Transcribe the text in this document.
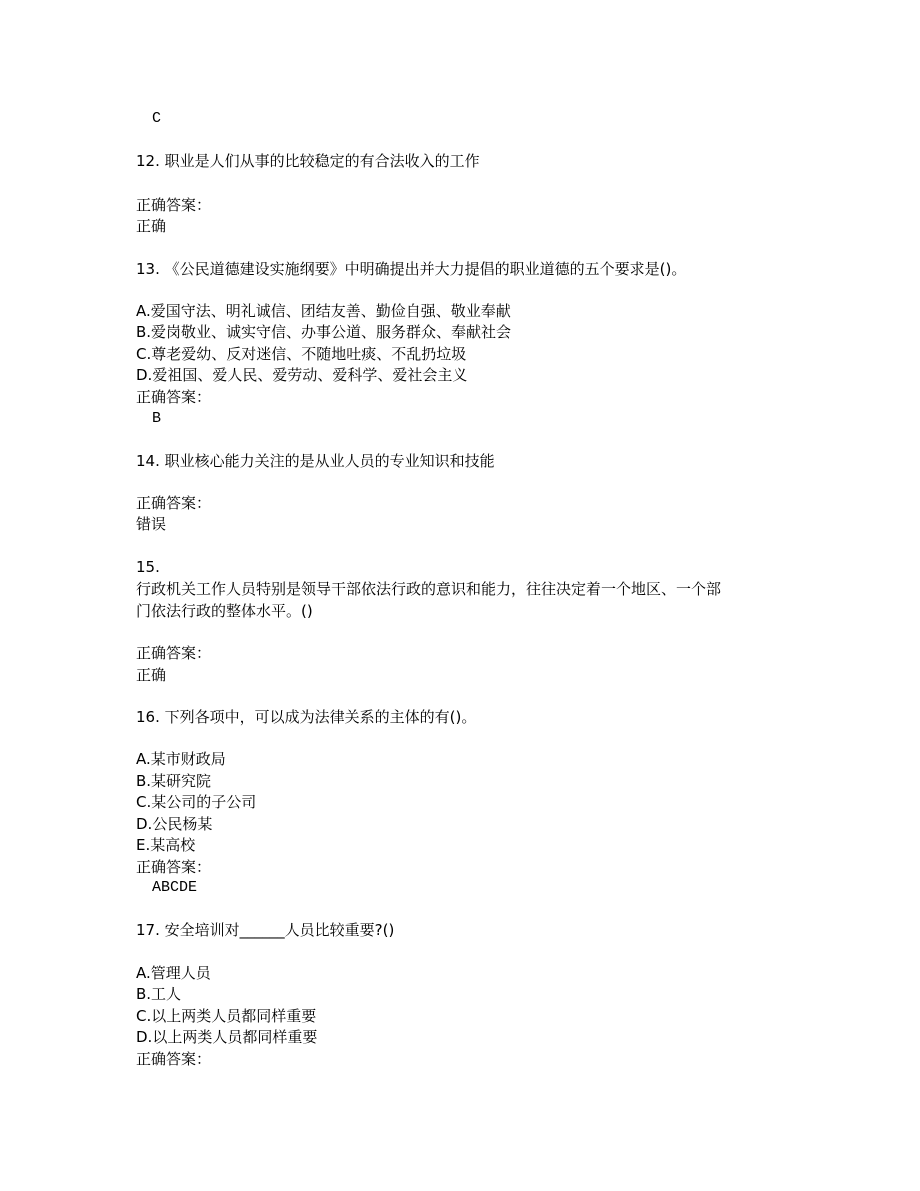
C
12. 职业是人们从事的比较稳定的有合法收入的工作
正确答案：
正确
13. 《公民道德建设实施纲要》中明确提出并大力提倡的职业道德的五个要求是()。
A.爱国守法、明礼诚信、团结友善、勤俭自强、敬业奉献
B.爱岗敬业、诚实守信、办事公道、服务群众、奉献社会
C.尊老爱幼、反对迷信、不随地吐痰、不乱扔垃圾
D.爱祖国、爱人民、爱劳动、爱科学、爱社会主义
正确答案：
B
14. 职业核心能力关注的是从业人员的专业知识和技能
正确答案：
错误
15.
行政机关工作人员特别是领导干部依法行政的意识和能力，往往决定着一个地区、一个部
门依法行政的整体水平。()
正确答案：
正确
16. 下列各项中，可以成为法律关系的主体的有()。
A.某市财政局
B.某研究院
C.某公司的子公司
D.公民杨某
E.某高校
正确答案：
ABCDE
17. 安全培训对______人员比较重要?()
A.管理人员
B.工人
C.以上两类人员都同样重要
D.以上两类人员都同样重要
正确答案：
